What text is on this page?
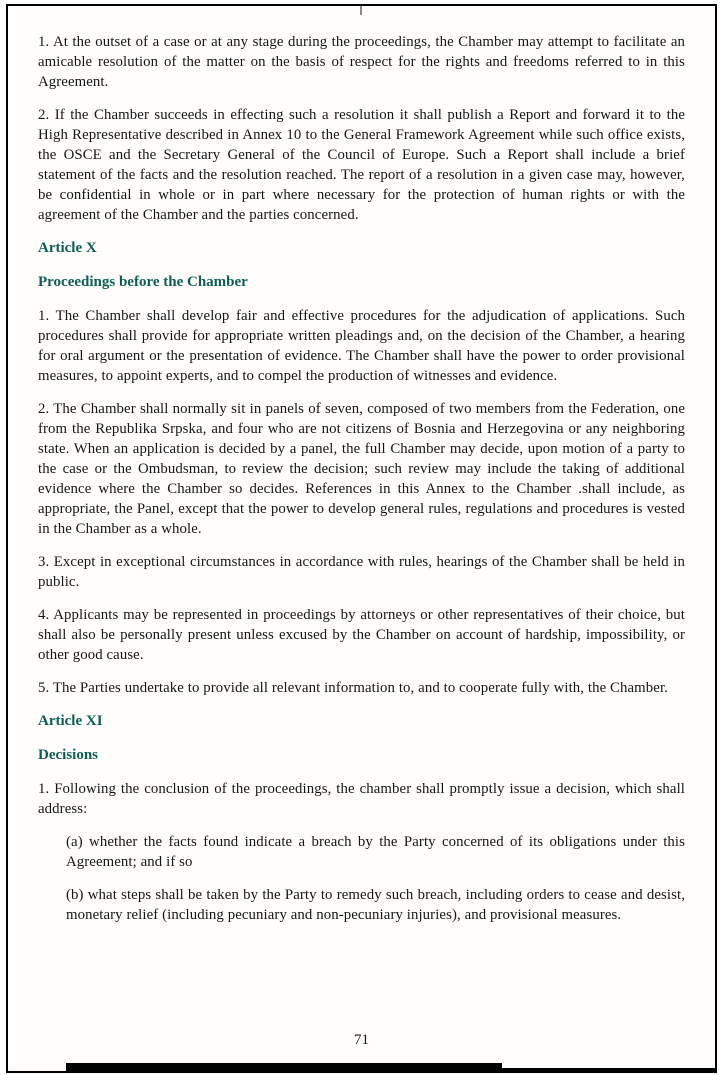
1. At the outset of a case or at any stage during the proceedings, the Chamber may attempt to facilitate an amicable resolution of the matter on the basis of respect for the rights and freedoms referred to in this Agreement.

2. If the Chamber succeeds in effecting such a resolution it shall publish a Report and forward it to the High Representative described in Annex 10 to the General Framework Agreement while such office exists, the OSCE and the Secretary General of the Council of Europe. Such a Report shall include a brief statement of the facts and the resolution reached. The report of a resolution in a given case may, however, be confidential in whole or in part where necessary for the protection of human rights or with the agreement of the Chamber and the parties concerned.

Article X
Proceedings before the Chamber

1. The Chamber shall develop fair and effective procedures for the adjudication of applications. Such procedures shall provide for appropriate written pleadings and, on the decision of the Chamber, a hearing for oral argument or the presentation of evidence. The Chamber shall have the power to order provisional measures, to appoint experts, and to compel the production of witnesses and evidence.

2. The Chamber shall normally sit in panels of seven, composed of two members from the Federation, one from the Republika Srpska, and four who are not citizens of Bosnia and Herzegovina or any neighboring state. When an application is decided by a panel, the full Chamber may decide, upon motion of a party to the case or the Ombudsman, to review the decision; such review may include the taking of additional evidence where the Chamber so decides. References in this Annex to the Chamber .shall include, as appropriate, the Panel, except that the power to develop general rules, regulations and procedures is vested in the Chamber as a whole.

3. Except in exceptional circumstances in accordance with rules, hearings of the Chamber shall be held in public.

4. Applicants may be represented in proceedings by attorneys or other representatives of their choice, but shall also be personally present unless excused by the Chamber on account of hardship, impossibility, or other good cause.

5. The Parties undertake to provide all relevant information to, and to cooperate fully with, the Chamber.

Article XI
Decisions

1. Following the conclusion of the proceedings, the chamber shall promptly issue a decision, which shall address:

(a) whether the facts found indicate a breach by the Party concerned of its obligations under this Agreement; and if so

(b) what steps shall be taken by the Party to remedy such breach, including orders to cease and desist, monetary relief (including pecuniary and non-pecuniary injuries), and provisional measures.

71
